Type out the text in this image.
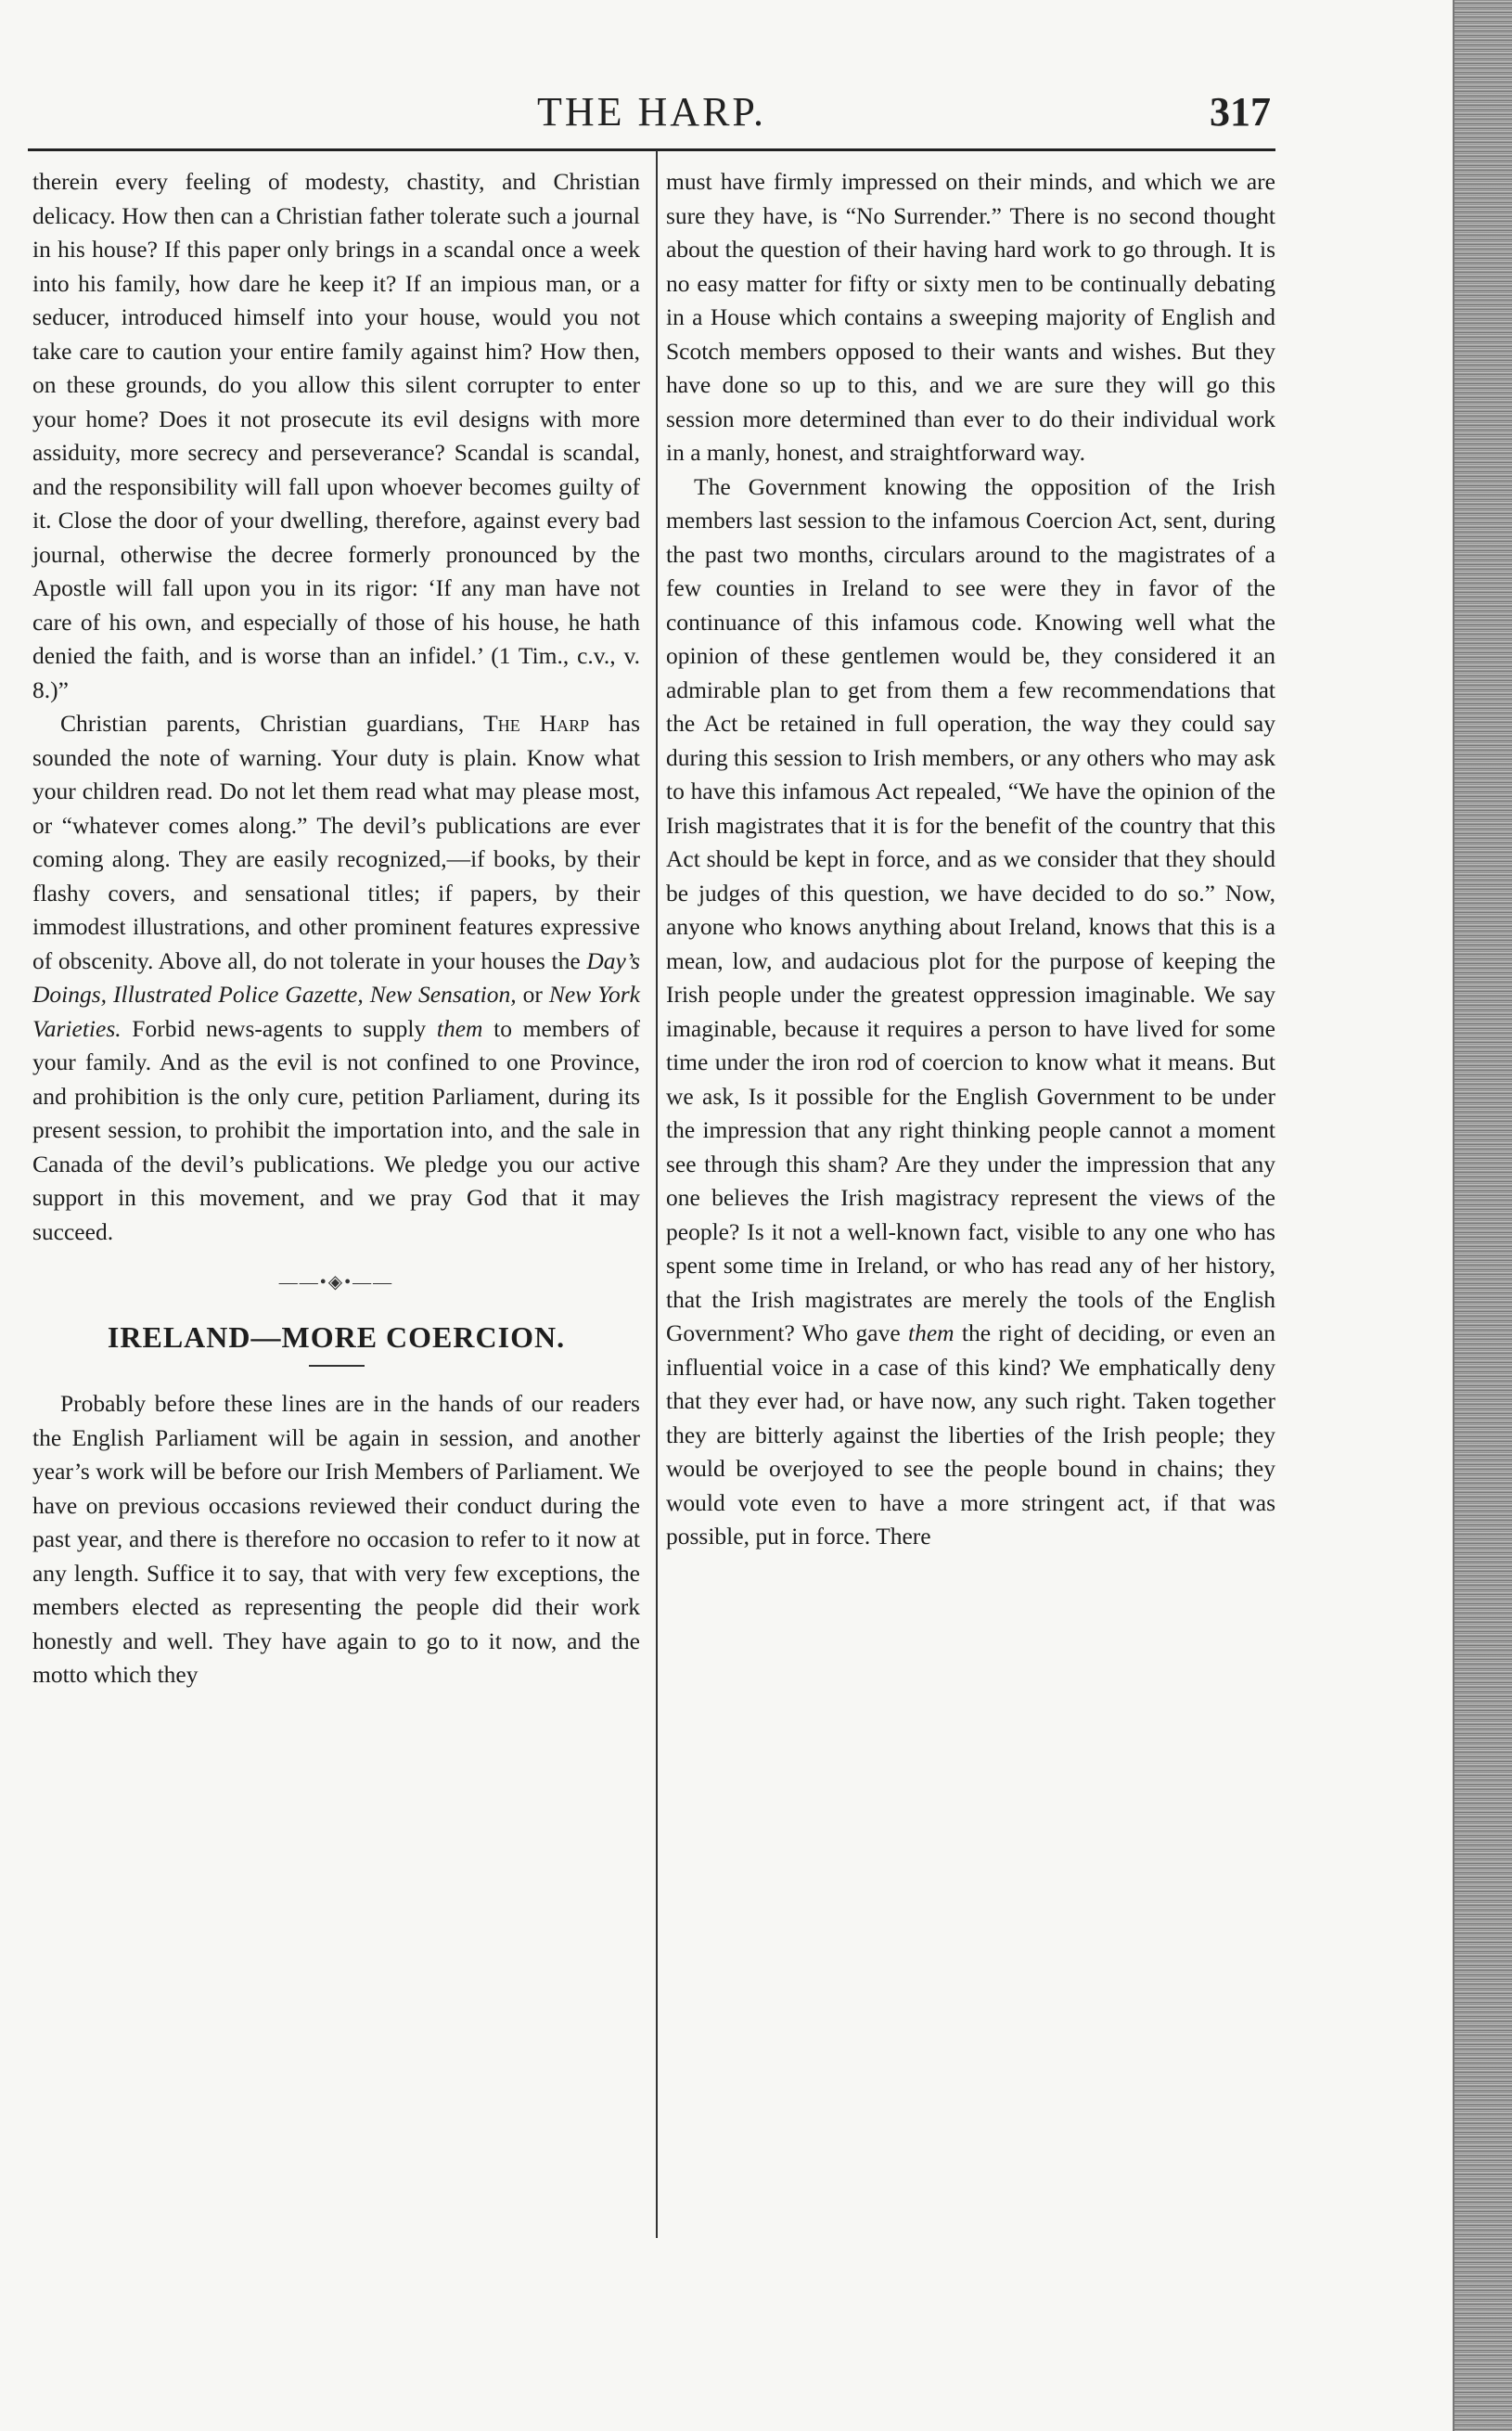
THE HARP.	317

therein every feeling of modesty, chastity, and Christian delicacy. How then can a Christian father tolerate such a journal in his house? If this paper only brings in a scandal once a week into his family, how dare he keep it? If an impious man, or a seducer, introduced himself into your house, would you not take care to caution your entire family against him? How then, on these grounds, do you allow this silent corrupter to enter your home? Does it not prosecute its evil designs with more assiduity, more secrecy and perseverance? Scandal is scandal, and the responsibility will fall upon whoever becomes guilty of it. Close the door of your dwelling, therefore, against every bad journal, otherwise the decree formerly pronounced by the Apostle will fall upon you in its rigor: ‘If any man have not care of his own, and especially of those of his house, he hath denied the faith, and is worse than an infidel.’ (1 Tim., c.v., v. 8.)”

Christian parents, Christian guardians, The Harp has sounded the note of warning. Your duty is plain. Know what your children read. Do not let them read what may please most, or “whatever comes along.” The devil’s publications are ever coming along. They are easily recognized,—if books, by their flashy covers, and sensational titles; if papers, by their immodest illustrations, and other prominent features expressive of obscenity. Above all, do not tolerate in your houses the Day’s Doings, Illustrated Police Gazette, New Sensation, or New York Varieties. Forbid news-agents to supply them to members of your family. And as the evil is not confined to one Province, and prohibition is the only cure, petition Parliament, during its present session, to prohibit the importation into, and the sale in Canada of the devil’s publications. We pledge you our active support in this movement, and we pray God that it may succeed.

——•◈•——
IRELAND—MORE COERCION.

Probably before these lines are in the hands of our readers the English Parliament will be again in session, and another year’s work will be before our Irish Members of Parliament. We have on previous occasions reviewed their conduct during the past year, and there is therefore no occasion to refer to it now at any length. Suffice it to say, that with very few exceptions, the members elected as representing the people did their work honestly and well. They have again to go to it now, and the motto which they

must have firmly impressed on their minds, and which we are sure they have, is “No Surrender.” There is no second thought about the question of their having hard work to go through. It is no easy matter for fifty or sixty men to be continually debating in a House which contains a sweeping majority of English and Scotch members opposed to their wants and wishes. But they have done so up to this, and we are sure they will go this session more determined than ever to do their individual work in a manly, honest, and straightforward way.

The Government knowing the opposition of the Irish members last session to the infamous Coercion Act, sent, during the past two months, circulars around to the magistrates of a few counties in Ireland to see were they in favor of the continuance of this infamous code. Knowing well what the opinion of these gentlemen would be, they considered it an admirable plan to get from them a few recommendations that the Act be retained in full operation, the way they could say during this session to Irish members, or any others who may ask to have this infamous Act repealed, “We have the opinion of the Irish magistrates that it is for the benefit of the country that this Act should be kept in force, and as we consider that they should be judges of this question, we have decided to do so.” Now, anyone who knows anything about Ireland, knows that this is a mean, low, and audacious plot for the purpose of keeping the Irish people under the greatest oppression imaginable. We say imaginable, because it requires a person to have lived for some time under the iron rod of coercion to know what it means. But we ask, Is it possible for the English Government to be under the impression that any right thinking people cannot a moment see through this sham? Are they under the impression that any one believes the Irish magistracy represent the views of the people? Is it not a well-known fact, visible to any one who has spent some time in Ireland, or who has read any of her history, that the Irish magistrates are merely the tools of the English Government? Who gave them the right of deciding, or even an influential voice in a case of this kind? We emphatically deny that they ever had, or have now, any such right. Taken together they are bitterly against the liberties of the Irish people; they would be overjoyed to see the people bound in chains; they would vote even to have a more stringent act, if that was possible, put in force. There
